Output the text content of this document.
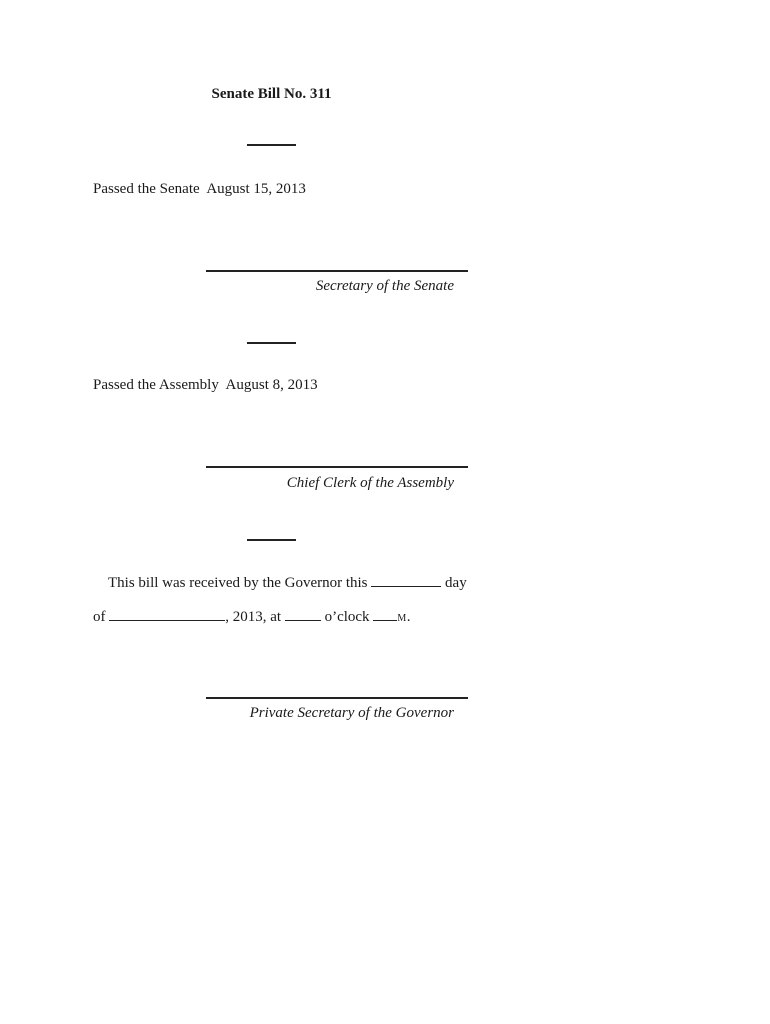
Senate Bill No. 311
Passed the Senate August 15, 2013
Secretary of the Senate
Passed the Assembly August 8, 2013
Chief Clerk of the Assembly
This bill was received by the Governor this	day
of	, 2013, at	o’clock	M.
Private Secretary of the Governor
